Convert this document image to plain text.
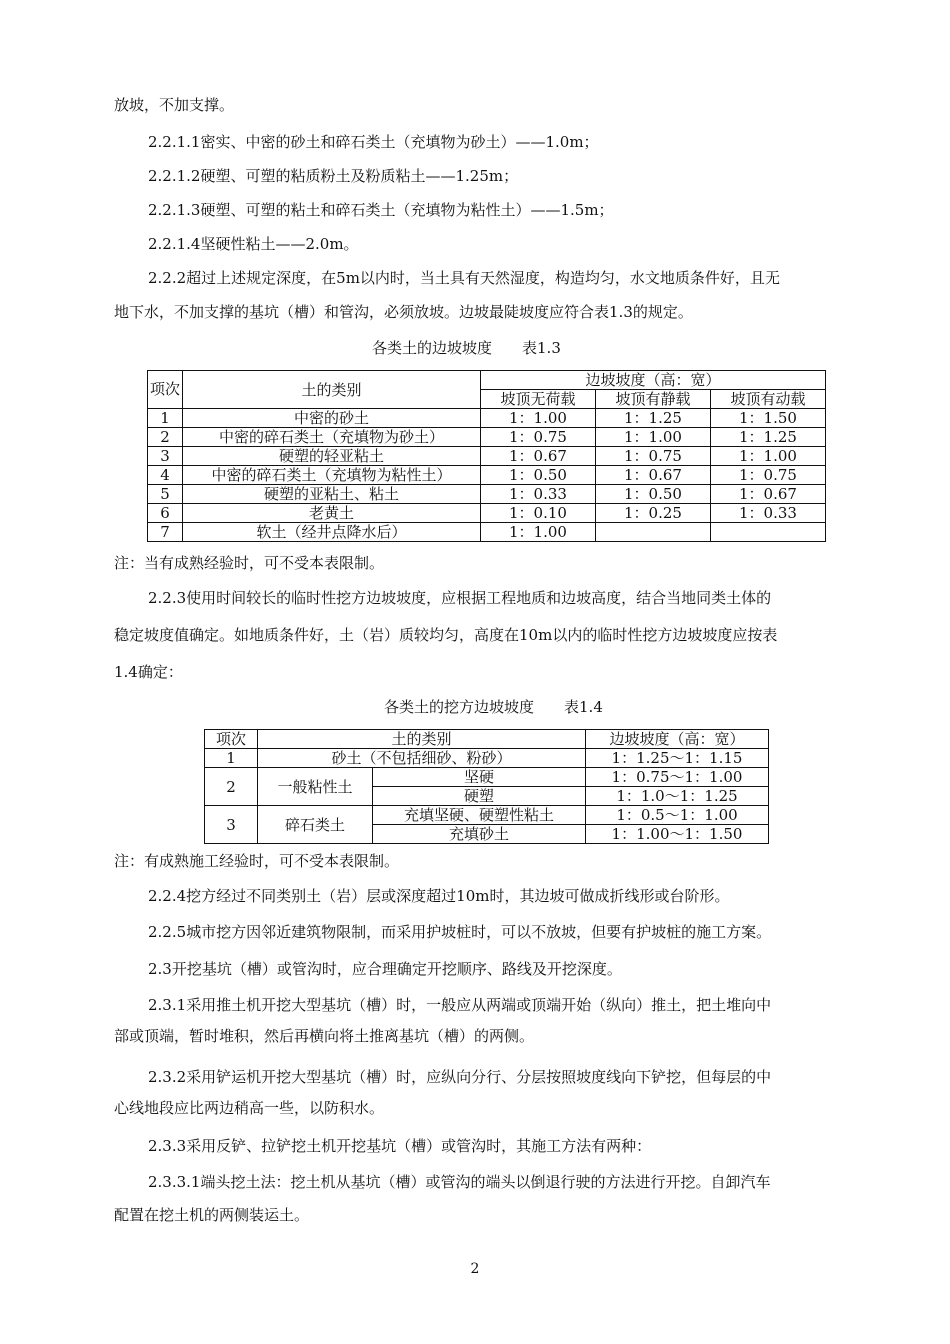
放坡，不加支撑。
2.2.1.1密实、中密的砂土和碎石类土（充填物为砂土）——1.0m；
2.2.1.2硬塑、可塑的粘质粉土及粉质粘土——1.25m；
2.2.1.3硬塑、可塑的粘土和碎石类土（充填物为粘性土）——1.5m；
2.2.1.4坚硬性粘土——2.0m。
2.2.2超过上述规定深度，在5m以内时，当土具有天然湿度，构造均匀，水文地质条件好，且无
地下水，不加支撑的基坑（槽）和管沟，必须放坡。边坡最陡坡度应符合表1.3的规定。
各类土的边坡坡度　　表1.3
项次	土的类别	边坡坡度（高：宽）		
		坡顶无荷载	坡顶有静载	坡顶有动载
1	中密的砂土	1：1.00	1：1.25	1：1.50
2	中密的碎石类土（充填物为砂土）	1：0.75	1：1.00	1：1.25
3	硬塑的轻亚粘土	1：0.67	1：0.75	1：1.00
4	中密的碎石类土（充填物为粘性土）	1：0.50	1：0.67	1：0.75
5	硬塑的亚粘土、粘土	1：0.33	1：0.50	1：0.67
6	老黄土	1：0.10	1：0.25	1：0.33
7	软土（经井点降水后）	1：1.00		
注：当有成熟经验时，可不受本表限制。
2.2.3使用时间较长的临时性挖方边坡坡度，应根据工程地质和边坡高度，结合当地同类土体的
稳定坡度值确定。如地质条件好，土（岩）质较均匀，高度在10m以内的临时性挖方边坡坡度应按表
1.4确定：
各类土的挖方边坡坡度　　表1.4
项次	土的类别		边坡坡度（高：宽）
1	砂土（不包括细砂、粉砂）		1：1.25～1：1.15
2	一般粘性土	坚硬	1：0.75～1：1.00
		硬塑	1：1.0～1：1.25
3	碎石类土	充填坚硬、硬塑性粘土	1：0.5～1：1.00
		充填砂土	1：1.00～1：1.50
注：有成熟施工经验时，可不受本表限制。
2.2.4挖方经过不同类别土（岩）层或深度超过10m时，其边坡可做成折线形或台阶形。
2.2.5城市挖方因邻近建筑物限制，而采用护坡桩时，可以不放坡，但要有护坡桩的施工方案。
2.3开挖基坑（槽）或管沟时，应合理确定开挖顺序、路线及开挖深度。
2.3.1采用推土机开挖大型基坑（槽）时，一般应从两端或顶端开始（纵向）推土，把土堆向中
部或顶端，暂时堆积，然后再横向将土推离基坑（槽）的两侧。
2.3.2采用铲运机开挖大型基坑（槽）时，应纵向分行、分层按照坡度线向下铲挖，但每层的中
心线地段应比两边稍高一些，以防积水。
2.3.3采用反铲、拉铲挖土机开挖基坑（槽）或管沟时，其施工方法有两种：
2.3.3.1端头挖土法：挖土机从基坑（槽）或管沟的端头以倒退行驶的方法进行开挖。自卸汽车
配置在挖土机的两侧装运土。
2
